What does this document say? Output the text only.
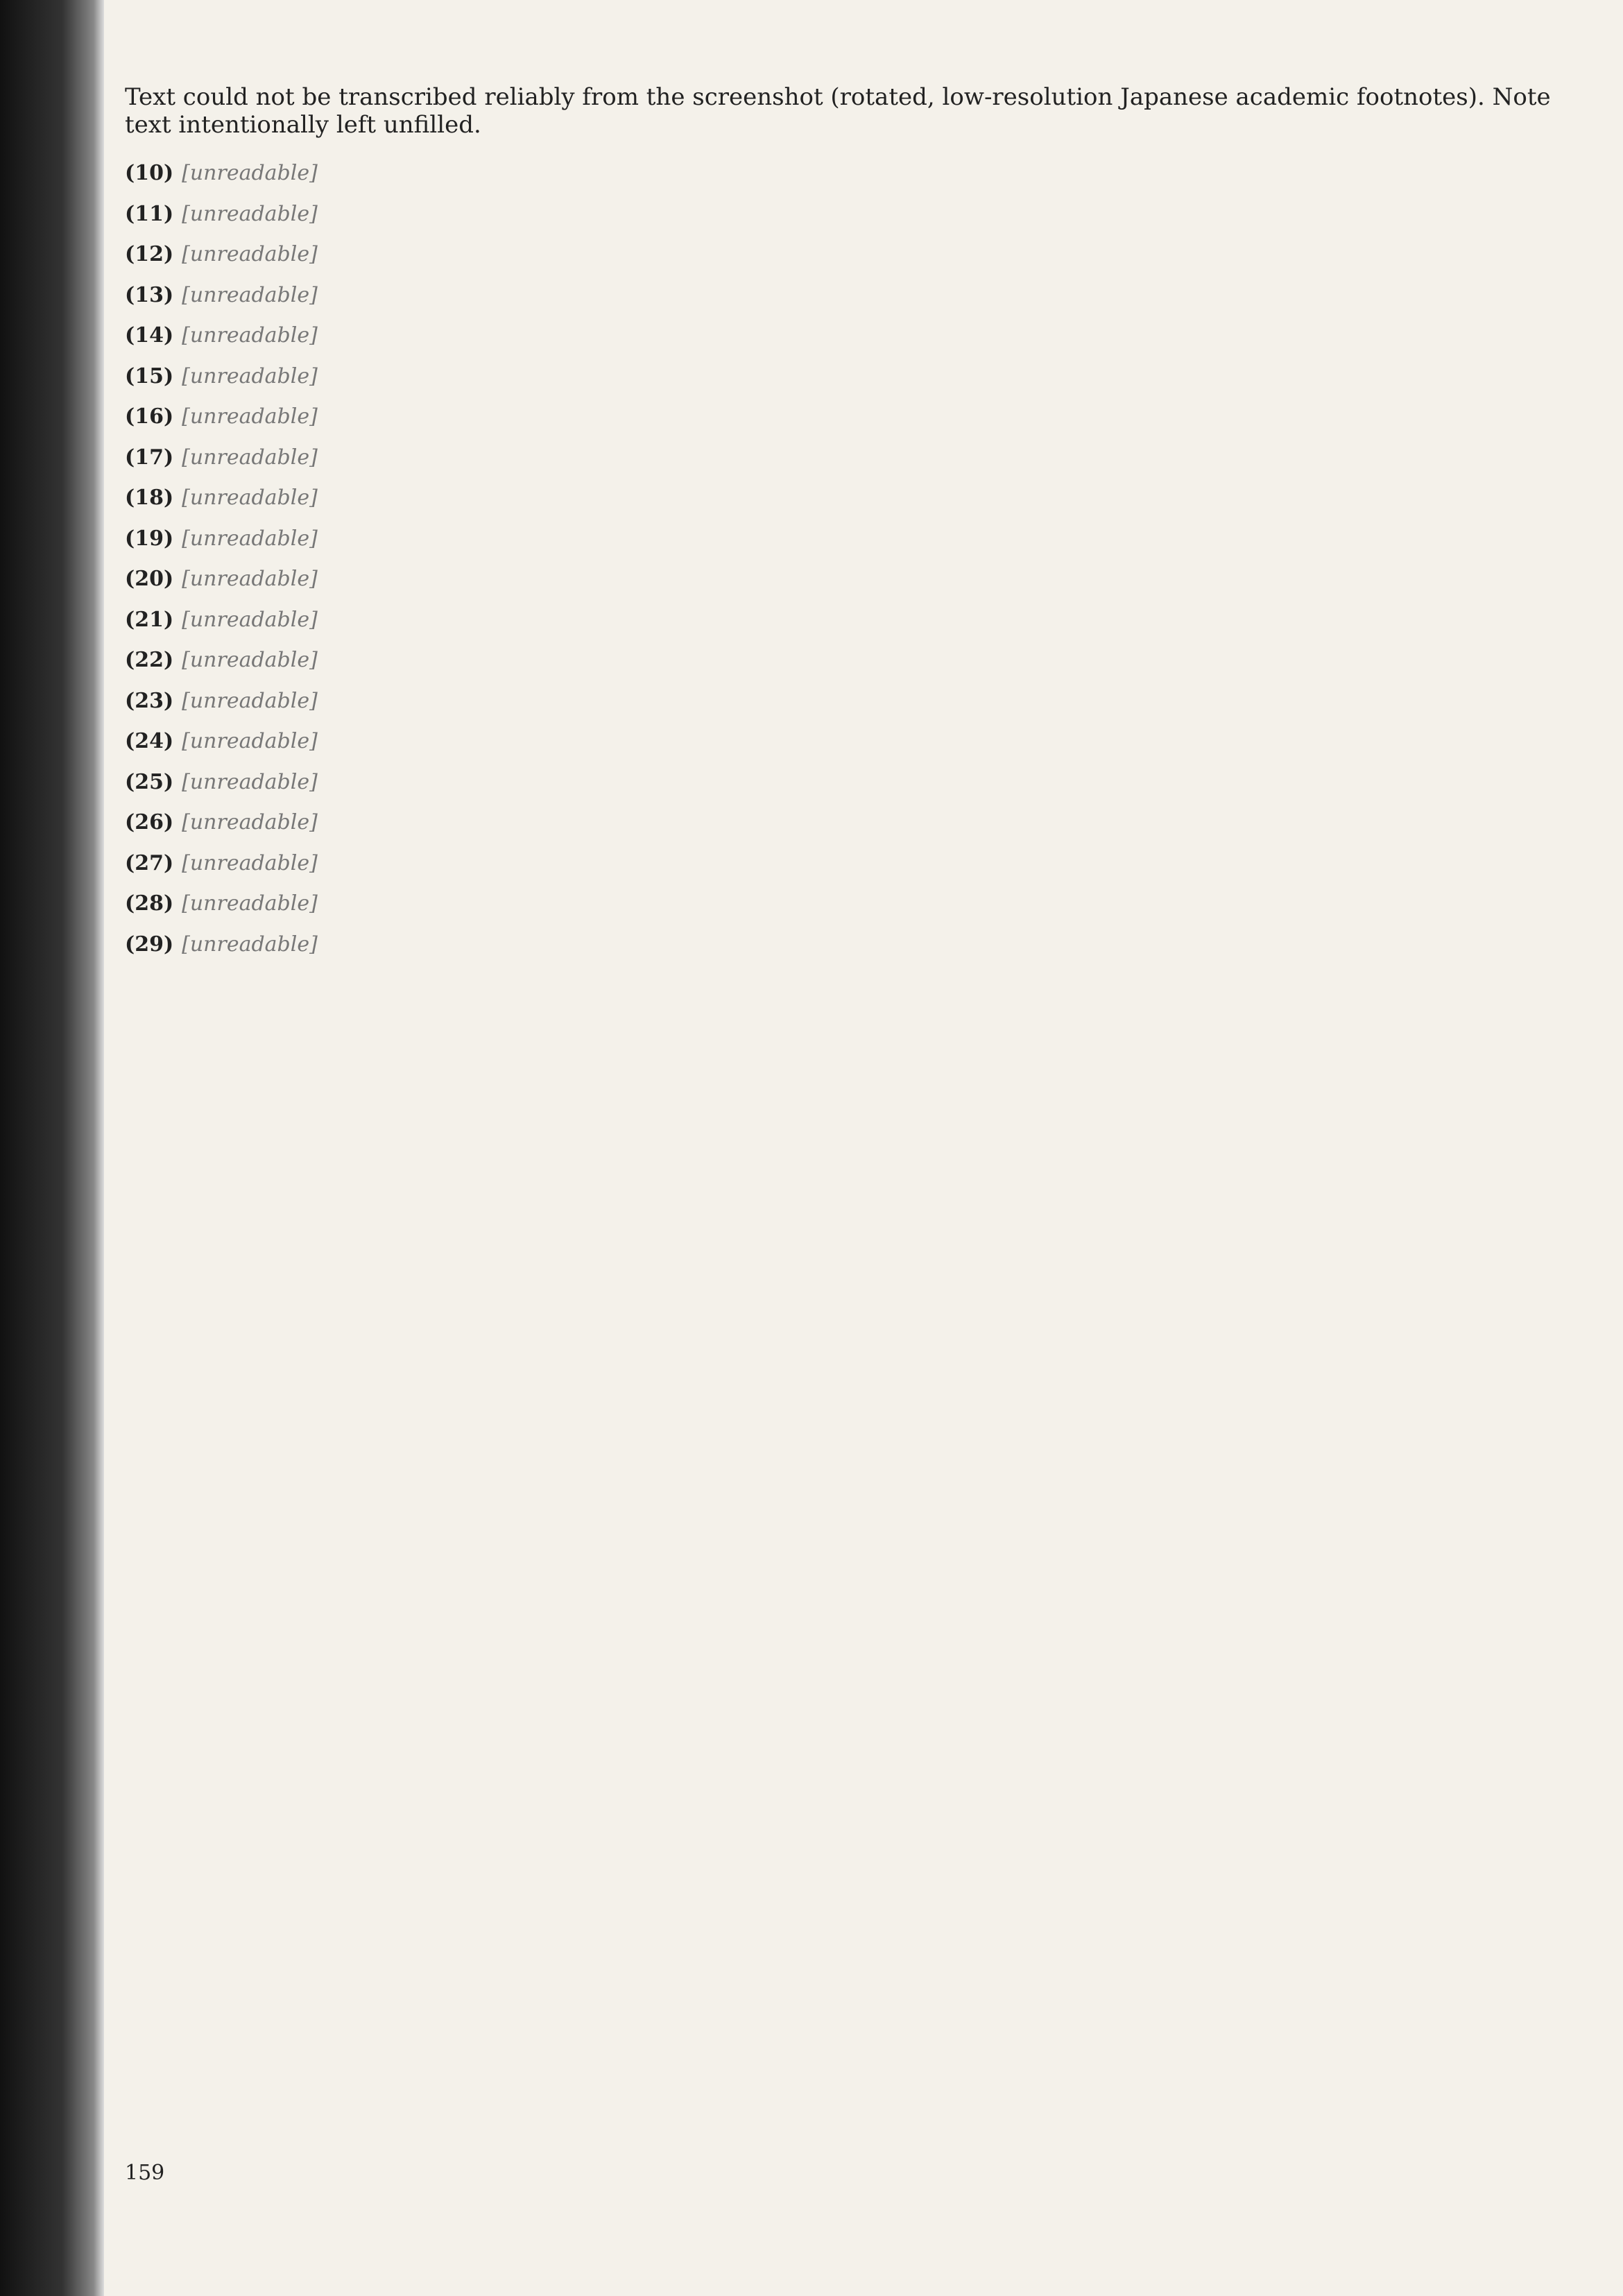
Text could not be transcribed reliably from the screenshot (rotated, low-resolution Japanese academic footnotes). Note text intentionally left unfilled.
(10) [unreadable]
(11) [unreadable]
(12) [unreadable]
(13) [unreadable]
(14) [unreadable]
(15) [unreadable]
(16) [unreadable]
(17) [unreadable]
(18) [unreadable]
(19) [unreadable]
(20) [unreadable]
(21) [unreadable]
(22) [unreadable]
(23) [unreadable]
(24) [unreadable]
(25) [unreadable]
(26) [unreadable]
(27) [unreadable]
(28) [unreadable]
(29) [unreadable]
159
